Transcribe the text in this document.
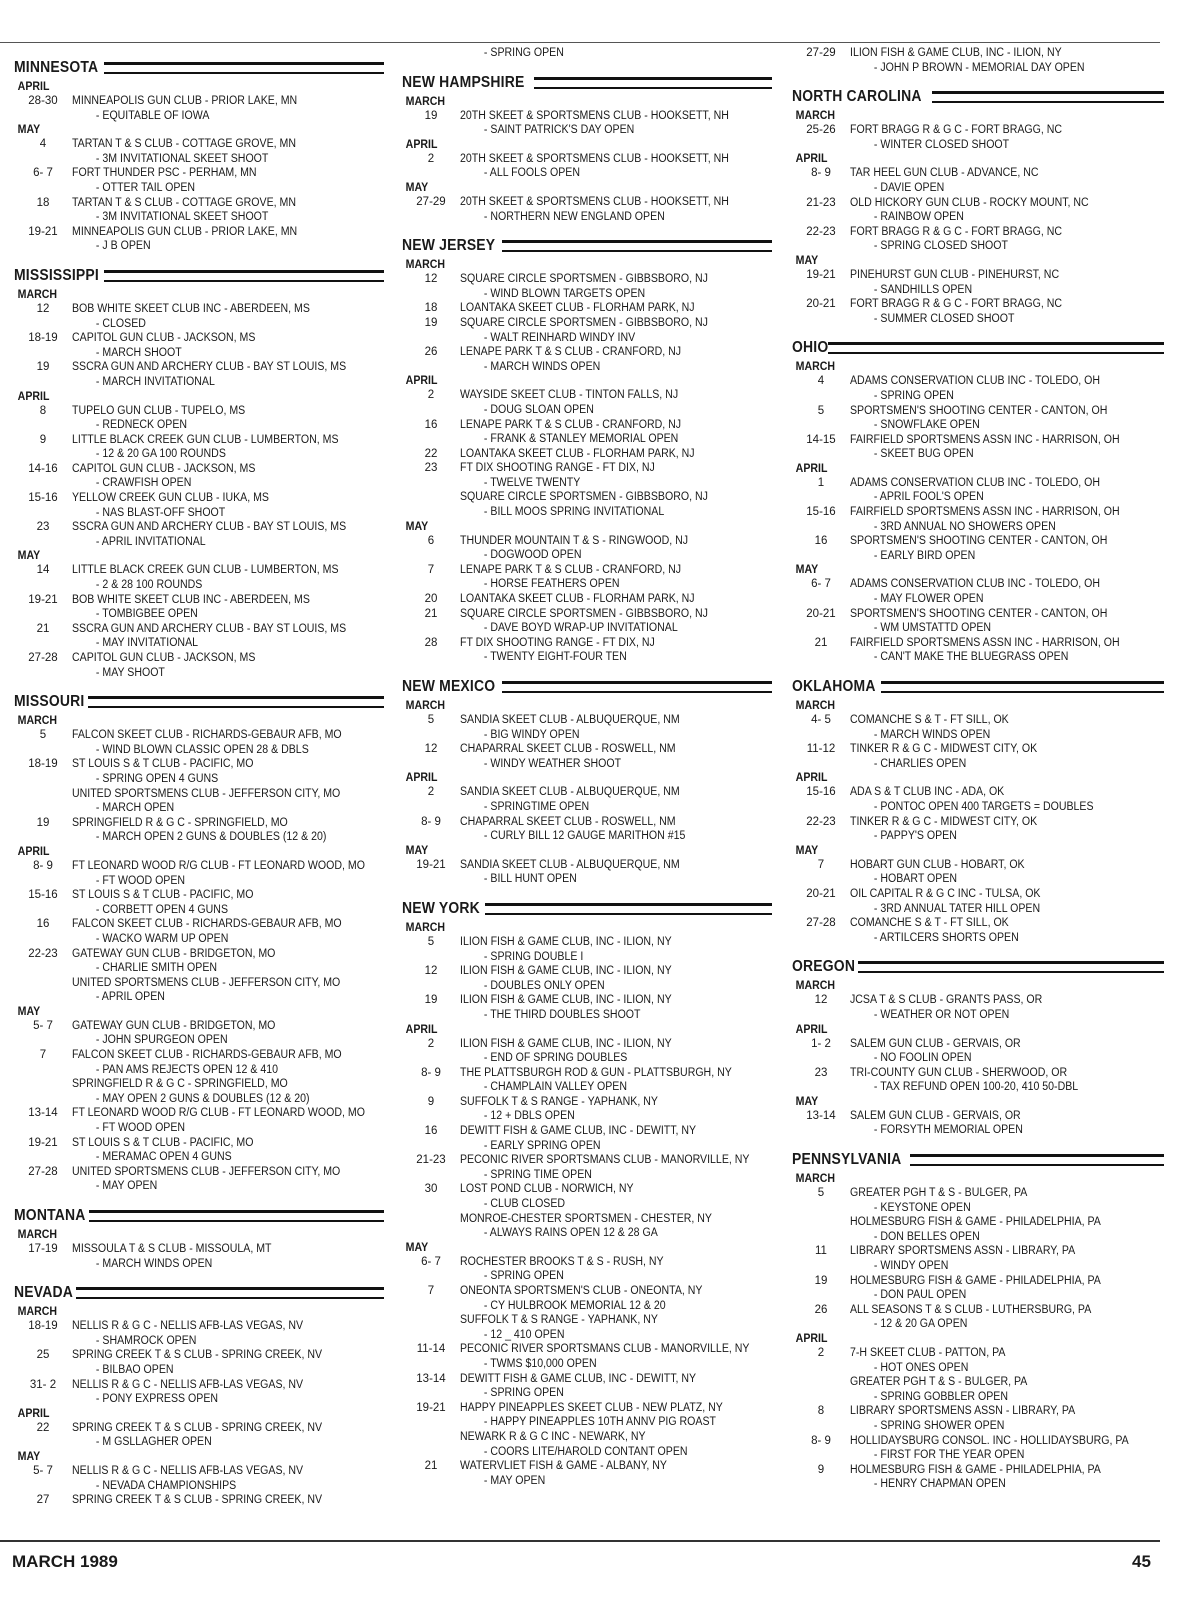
MINNESOTA
APRIL
28-30	MINNEAPOLIS GUN CLUB - PRIOR LAKE, MN
- EQUITABLE OF IOWA
MAY
4	TARTAN T & S CLUB - COTTAGE GROVE, MN
- 3M INVITATIONAL SKEET SHOOT
6- 7	FORT THUNDER PSC - PERHAM, MN
- OTTER TAIL OPEN
18	TARTAN T & S CLUB - COTTAGE GROVE, MN
- 3M INVITATIONAL SKEET SHOOT
19-21	MINNEAPOLIS GUN CLUB - PRIOR LAKE, MN
- J B OPEN
MISSISSIPPI
MARCH
12	BOB WHITE SKEET CLUB INC - ABERDEEN, MS
- CLOSED
18-19	CAPITOL GUN CLUB - JACKSON, MS
- MARCH SHOOT
19	SSCRA GUN AND ARCHERY CLUB - BAY ST LOUIS, MS
- MARCH INVITATIONAL
APRIL
8	TUPELO GUN CLUB - TUPELO, MS
- REDNECK OPEN
9	LITTLE BLACK CREEK GUN CLUB - LUMBERTON, MS
- 12 & 20 GA 100 ROUNDS
14-16	CAPITOL GUN CLUB - JACKSON, MS
- CRAWFISH OPEN
15-16	YELLOW CREEK GUN CLUB - IUKA, MS
- NAS BLAST-OFF SHOOT
23	SSCRA GUN AND ARCHERY CLUB - BAY ST LOUIS, MS
- APRIL INVITATIONAL
MAY
14	LITTLE BLACK CREEK GUN CLUB - LUMBERTON, MS
- 2 & 28 100 ROUNDS
19-21	BOB WHITE SKEET CLUB INC - ABERDEEN, MS
- TOMBIGBEE OPEN
21	SSCRA GUN AND ARCHERY CLUB - BAY ST LOUIS, MS
- MAY INVITATIONAL
27-28	CAPITOL GUN CLUB - JACKSON, MS
- MAY SHOOT
MISSOURI
MARCH
5	FALCON SKEET CLUB - RICHARDS-GEBAUR AFB, MO
- WIND BLOWN CLASSIC OPEN 28 & DBLS
18-19	ST LOUIS S & T CLUB - PACIFIC, MO
- SPRING OPEN 4 GUNS
UNITED SPORTSMENS CLUB - JEFFERSON CITY, MO
- MARCH OPEN
19	SPRINGFIELD R & G C - SPRINGFIELD, MO
- MARCH OPEN 2 GUNS & DOUBLES (12 & 20)
APRIL
8- 9	FT LEONARD WOOD R/G CLUB - FT LEONARD WOOD, MO
- FT WOOD OPEN
15-16	ST LOUIS S & T CLUB - PACIFIC, MO
- CORBETT OPEN 4 GUNS
16	FALCON SKEET CLUB - RICHARDS-GEBAUR AFB, MO
- WACKO WARM UP OPEN
22-23	GATEWAY GUN CLUB - BRIDGETON, MO
- CHARLIE SMITH OPEN
UNITED SPORTSMENS CLUB - JEFFERSON CITY, MO
- APRIL OPEN
MAY
5- 7	GATEWAY GUN CLUB - BRIDGETON, MO
- JOHN SPURGEON OPEN
7	FALCON SKEET CLUB - RICHARDS-GEBAUR AFB, MO
- PAN AMS REJECTS OPEN 12 & 410
SPRINGFIELD R & G C - SPRINGFIELD, MO
- MAY OPEN 2 GUNS & DOUBLES (12 & 20)
13-14	FT LEONARD WOOD R/G CLUB - FT LEONARD WOOD, MO
- FT WOOD OPEN
19-21	ST LOUIS S & T CLUB - PACIFIC, MO
- MERAMAC OPEN 4 GUNS
27-28	UNITED SPORTSMENS CLUB - JEFFERSON CITY, MO
- MAY OPEN
MONTANA
MARCH
17-19	MISSOULA T & S CLUB - MISSOULA, MT
- MARCH WINDS OPEN
NEVADA
MARCH
18-19	NELLIS R & G C - NELLIS AFB-LAS VEGAS, NV
- SHAMROCK OPEN
25	SPRING CREEK T & S CLUB - SPRING CREEK, NV
- BILBAO OPEN
31- 2	NELLIS R & G C - NELLIS AFB-LAS VEGAS, NV
- PONY EXPRESS OPEN
APRIL
22	SPRING CREEK T & S CLUB - SPRING CREEK, NV
- M GSLLAGHER OPEN
MAY
5- 7	NELLIS R & G C - NELLIS AFB-LAS VEGAS, NV
- NEVADA CHAMPIONSHIPS
27	SPRING CREEK T & S CLUB - SPRING CREEK, NV
- SPRING OPEN
NEW HAMPSHIRE
MARCH
19	20TH SKEET & SPORTSMENS CLUB - HOOKSETT, NH
- SAINT PATRICK'S DAY OPEN
APRIL
2	20TH SKEET & SPORTSMENS CLUB - HOOKSETT, NH
- ALL FOOLS OPEN
MAY
27-29	20TH SKEET & SPORTSMENS CLUB - HOOKSETT, NH
- NORTHERN NEW ENGLAND OPEN
NEW JERSEY
MARCH
12	SQUARE CIRCLE SPORTSMEN - GIBBSBORO, NJ
- WIND BLOWN TARGETS OPEN
18	LOANTAKA SKEET CLUB - FLORHAM PARK, NJ
19	SQUARE CIRCLE SPORTSMEN - GIBBSBORO, NJ
- WALT REINHARD WINDY INV
26	LENAPE PARK T & S CLUB - CRANFORD, NJ
- MARCH WINDS OPEN
APRIL
2	WAYSIDE SKEET CLUB - TINTON FALLS, NJ
- DOUG SLOAN OPEN
16	LENAPE PARK T & S CLUB - CRANFORD, NJ
- FRANK & STANLEY MEMORIAL OPEN
22	LOANTAKA SKEET CLUB - FLORHAM PARK, NJ
23	FT DIX SHOOTING RANGE - FT DIX, NJ
- TWELVE TWENTY
SQUARE CIRCLE SPORTSMEN - GIBBSBORO, NJ
- BILL MOOS SPRING INVITATIONAL
MAY
6	THUNDER MOUNTAIN T & S - RINGWOOD, NJ
- DOGWOOD OPEN
7	LENAPE PARK T & S CLUB - CRANFORD, NJ
- HORSE FEATHERS OPEN
20	LOANTAKA SKEET CLUB - FLORHAM PARK, NJ
21	SQUARE CIRCLE SPORTSMEN - GIBBSBORO, NJ
- DAVE BOYD WRAP-UP INVITATIONAL
28	FT DIX SHOOTING RANGE - FT DIX, NJ
- TWENTY EIGHT-FOUR TEN
NEW MEXICO
MARCH
5	SANDIA SKEET CLUB - ALBUQUERQUE, NM
- BIG WINDY OPEN
12	CHAPARRAL SKEET CLUB - ROSWELL, NM
- WINDY WEATHER SHOOT
APRIL
2	SANDIA SKEET CLUB - ALBUQUERQUE, NM
- SPRINGTIME OPEN
8- 9	CHAPARRAL SKEET CLUB - ROSWELL, NM
- CURLY BILL 12 GAUGE MARITHON #15
MAY
19-21	SANDIA SKEET CLUB - ALBUQUERQUE, NM
- BILL HUNT OPEN
NEW YORK
MARCH
5	ILION FISH & GAME CLUB, INC - ILION, NY
- SPRING DOUBLE I
12	ILION FISH & GAME CLUB, INC - ILION, NY
- DOUBLES ONLY OPEN
19	ILION FISH & GAME CLUB, INC - ILION, NY
- THE THIRD DOUBLES SHOOT
APRIL
2	ILION FISH & GAME CLUB, INC - ILION, NY
- END OF SPRING DOUBLES
8- 9	THE PLATTSBURGH ROD & GUN - PLATTSBURGH, NY
- CHAMPLAIN VALLEY OPEN
9	SUFFOLK T & S RANGE - YAPHANK, NY
- 12 + DBLS OPEN
16	DEWITT FISH & GAME CLUB, INC - DEWITT, NY
- EARLY SPRING OPEN
21-23	PECONIC RIVER SPORTSMANS CLUB - MANORVILLE, NY
- SPRING TIME OPEN
30	LOST POND CLUB - NORWICH, NY
- CLUB CLOSED
MONROE-CHESTER SPORTSMEN - CHESTER, NY
- ALWAYS RAINS OPEN 12 & 28 GA
MAY
6- 7	ROCHESTER BROOKS T & S - RUSH, NY
- SPRING OPEN
7	ONEONTA SPORTSMEN'S CLUB - ONEONTA, NY
- CY HULBROOK MEMORIAL 12 & 20
SUFFOLK T & S RANGE - YAPHANK, NY
- 12 _ 410 OPEN
11-14	PECONIC RIVER SPORTSMANS CLUB - MANORVILLE, NY
- TWMS $10,000 OPEN
13-14	DEWITT FISH & GAME CLUB, INC - DEWITT, NY
- SPRING OPEN
19-21	HAPPY PINEAPPLES SKEET CLUB - NEW PLATZ, NY
- HAPPY PINEAPPLES 10TH ANNV PIG ROAST
NEWARK R & G C INC - NEWARK, NY
- COORS LITE/HAROLD CONTANT OPEN
21	WATERVLIET FISH & GAME - ALBANY, NY
- MAY OPEN
27-29	ILION FISH & GAME CLUB, INC - ILION, NY
- JOHN P BROWN - MEMORIAL DAY OPEN
NORTH CAROLINA
MARCH
25-26	FORT BRAGG R & G C - FORT BRAGG, NC
- WINTER CLOSED SHOOT
APRIL
8- 9	TAR HEEL GUN CLUB - ADVANCE, NC
- DAVIE OPEN
21-23	OLD HICKORY GUN CLUB - ROCKY MOUNT, NC
- RAINBOW OPEN
22-23	FORT BRAGG R & G C - FORT BRAGG, NC
- SPRING CLOSED SHOOT
MAY
19-21	PINEHURST GUN CLUB - PINEHURST, NC
- SANDHILLS OPEN
20-21	FORT BRAGG R & G C - FORT BRAGG, NC
- SUMMER CLOSED SHOOT
OHIO
MARCH
4	ADAMS CONSERVATION CLUB INC - TOLEDO, OH
- SPRING OPEN
5	SPORTSMEN'S SHOOTING CENTER - CANTON, OH
- SNOWFLAKE OPEN
14-15	FAIRFIELD SPORTSMENS ASSN INC - HARRISON, OH
- SKEET BUG OPEN
APRIL
1	ADAMS CONSERVATION CLUB INC - TOLEDO, OH
- APRIL FOOL'S OPEN
15-16	FAIRFIELD SPORTSMENS ASSN INC - HARRISON, OH
- 3RD ANNUAL NO SHOWERS OPEN
16	SPORTSMEN'S SHOOTING CENTER - CANTON, OH
- EARLY BIRD OPEN
MAY
6- 7	ADAMS CONSERVATION CLUB INC - TOLEDO, OH
- MAY FLOWER OPEN
20-21	SPORTSMEN'S SHOOTING CENTER - CANTON, OH
- WM UMSTATTD OPEN
21	FAIRFIELD SPORTSMENS ASSN INC - HARRISON, OH
- CAN'T MAKE THE BLUEGRASS OPEN
OKLAHOMA
MARCH
4- 5	COMANCHE S & T - FT SILL, OK
- MARCH WINDS OPEN
11-12	TINKER R & G C - MIDWEST CITY, OK
- CHARLIES OPEN
APRIL
15-16	ADA S & T CLUB INC - ADA, OK
- PONTOC OPEN 400 TARGETS = DOUBLES
22-23	TINKER R & G C - MIDWEST CITY, OK
- PAPPY'S OPEN
MAY
7	HOBART GUN CLUB - HOBART, OK
- HOBART OPEN
20-21	OIL CAPITAL R & G C INC - TULSA, OK
- 3RD ANNUAL TATER HILL OPEN
27-28	COMANCHE S & T - FT SILL, OK
- ARTILCERS SHORTS OPEN
OREGON
MARCH
12	JCSA T & S CLUB - GRANTS PASS, OR
- WEATHER OR NOT OPEN
APRIL
1- 2	SALEM GUN CLUB - GERVAIS, OR
- NO FOOLIN OPEN
23	TRI-COUNTY GUN CLUB - SHERWOOD, OR
- TAX REFUND OPEN 100-20, 410 50-DBL
MAY
13-14	SALEM GUN CLUB - GERVAIS, OR
- FORSYTH MEMORIAL OPEN
PENNSYLVANIA
MARCH
5	GREATER PGH T & S - BULGER, PA
- KEYSTONE OPEN
HOLMESBURG FISH & GAME - PHILADELPHIA, PA
- DON BELLES OPEN
11	LIBRARY SPORTSMENS ASSN - LIBRARY, PA
- WINDY OPEN
19	HOLMESBURG FISH & GAME - PHILADELPHIA, PA
- DON PAUL OPEN
26	ALL SEASONS T & S CLUB - LUTHERSBURG, PA
- 12 & 20 GA OPEN
APRIL
2	7-H SKEET CLUB - PATTON, PA
- HOT ONES OPEN
GREATER PGH T & S - BULGER, PA
- SPRING GOBBLER OPEN
8	LIBRARY SPORTSMENS ASSN - LIBRARY, PA
- SPRING SHOWER OPEN
8- 9	HOLLIDAYSBURG CONSOL. INC - HOLLIDAYSBURG, PA
- FIRST FOR THE YEAR OPEN
9	HOLMESBURG FISH & GAME - PHILADELPHIA, PA
- HENRY CHAPMAN OPEN
MARCH 1989	45
